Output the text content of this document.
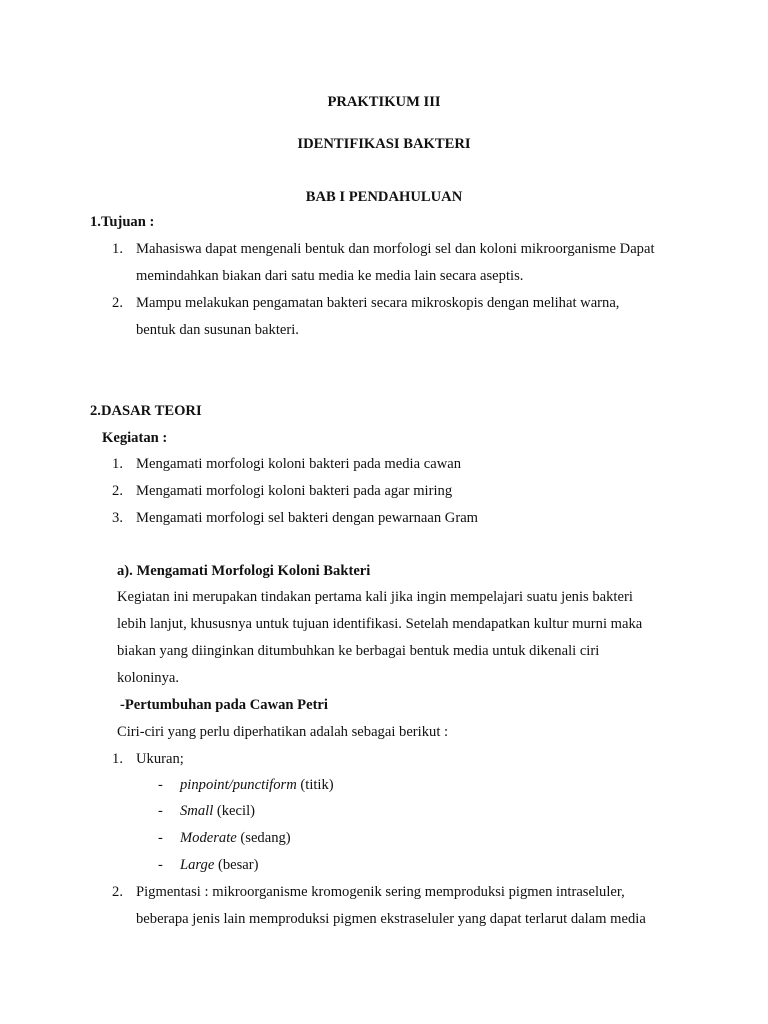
PRAKTIKUM III
IDENTIFIKASI BAKTERI
BAB I PENDAHULUAN
1.Tujuan :
1. Mahasiswa dapat mengenali bentuk dan morfologi sel dan koloni mikroorganisme Dapat
memindahkan biakan dari satu media ke media lain secara aseptis.
2. Mampu melakukan pengamatan bakteri secara mikroskopis dengan melihat warna,
bentuk dan susunan bakteri.
2.DASAR TEORI
Kegiatan :
1. Mengamati morfologi koloni bakteri pada media cawan
2. Mengamati morfologi koloni bakteri pada agar miring
3. Mengamati morfologi sel bakteri dengan pewarnaan Gram
a). Mengamati Morfologi Koloni Bakteri
Kegiatan ini merupakan tindakan pertama kali jika ingin mempelajari suatu jenis bakteri
lebih lanjut, khususnya untuk tujuan identifikasi. Setelah mendapatkan kultur murni maka
biakan yang diinginkan ditumbuhkan ke berbagai bentuk media untuk dikenali ciri
koloninya.
-Pertumbuhan pada Cawan Petri
Ciri-ciri yang perlu diperhatikan adalah sebagai berikut :
1. Ukuran;
- pinpoint/punctiform (titik)
- Small (kecil)
- Moderate (sedang)
- Large (besar)
2. Pigmentasi : mikroorganisme kromogenik sering memproduksi pigmen intraseluler,
beberapa jenis lain memproduksi pigmen ekstraseluler yang dapat terlarut dalam media
